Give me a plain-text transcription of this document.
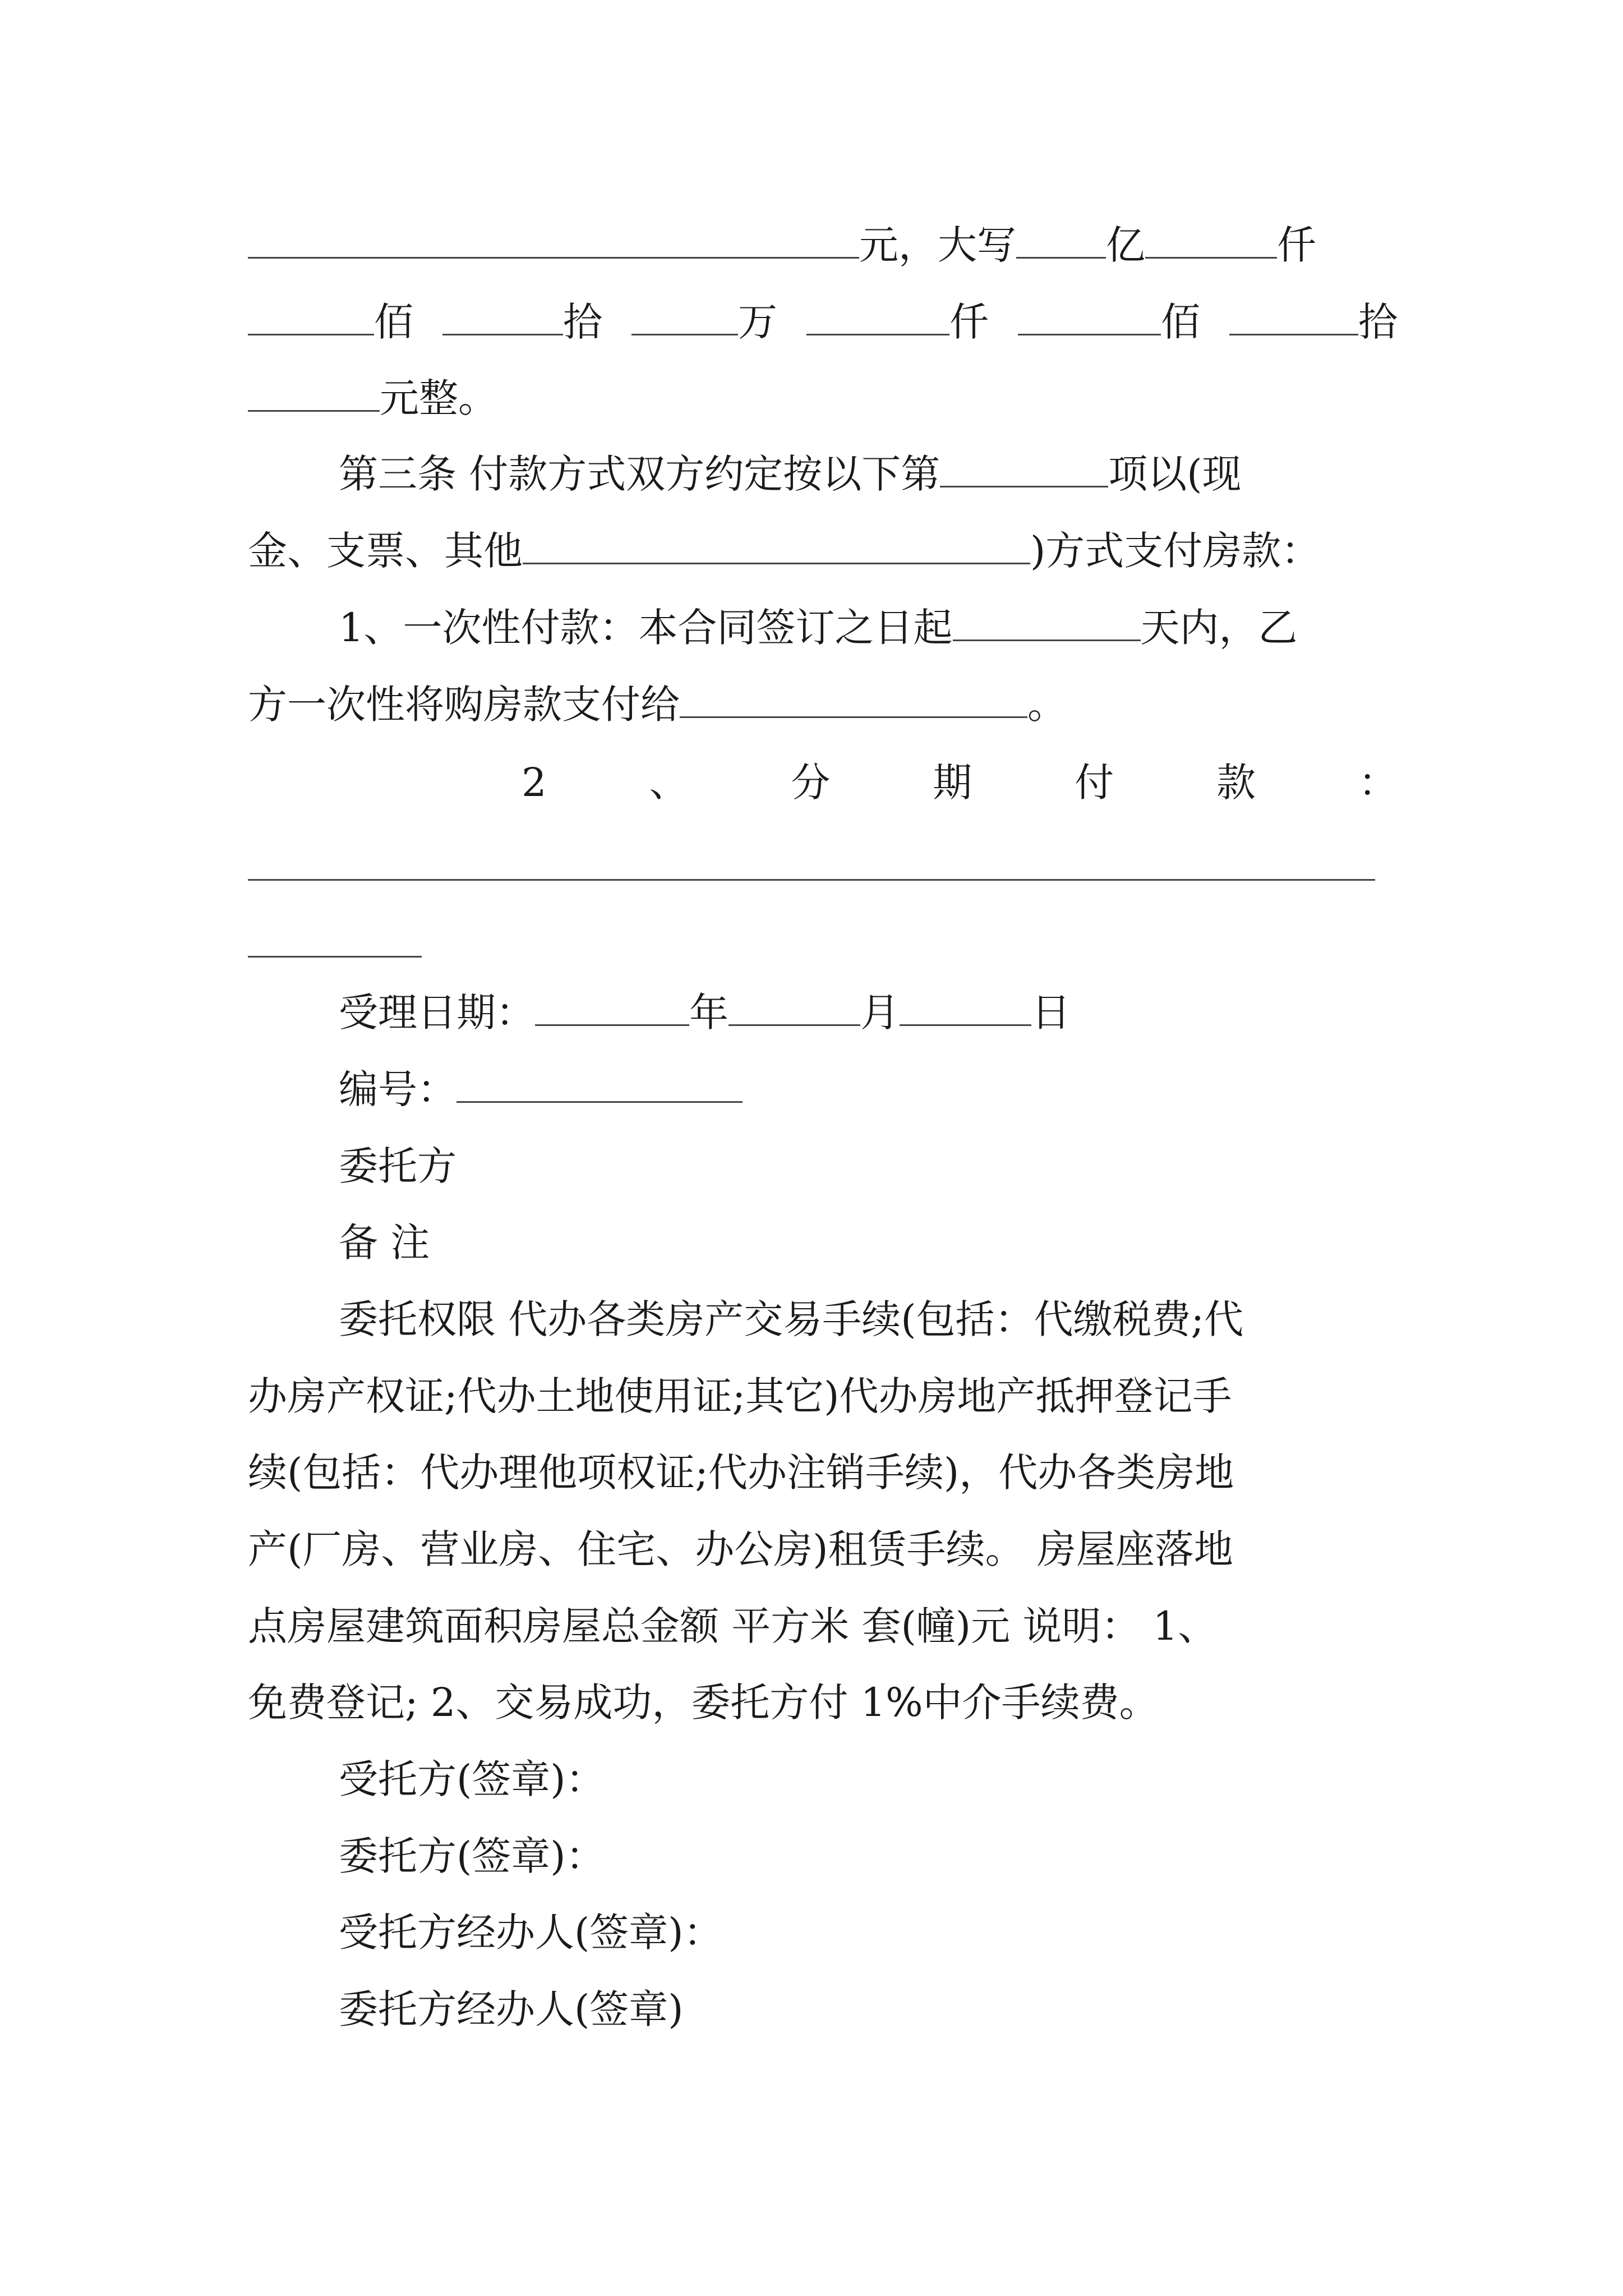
元，大写 亿	仟
佰	拾	万	仟	佰	拾
元整。
第三条 付款方式双方约定按以下第	项以(现
金、支票、其他	)方式支付房款：
1、一次性付款：本合同签订之日起	天内，乙
方一次性将购房款支付给	。
2	、	分	期	付	款	：
受理日期：	年	月	日
编号：
委托方
备 注
委托权限 代办各类房产交易手续(包括：代缴税费;代
办房产权证;代办土地使用证;其它)代办房地产抵押登记手
续(包括：代办理他项权证;代办注销手续)，代办各类房地
产(厂房、营业房、住宅、办公房)租赁手续。 房屋座落地
点房屋建筑面积房屋总金额 平方米 套(幢)元 说明： 1、
免费登记; 2、交易成功，委托方付 1%中介手续费。
受托方(签章)：
委托方(签章)：
受托方经办人(签章)：
委托方经办人(签章)
